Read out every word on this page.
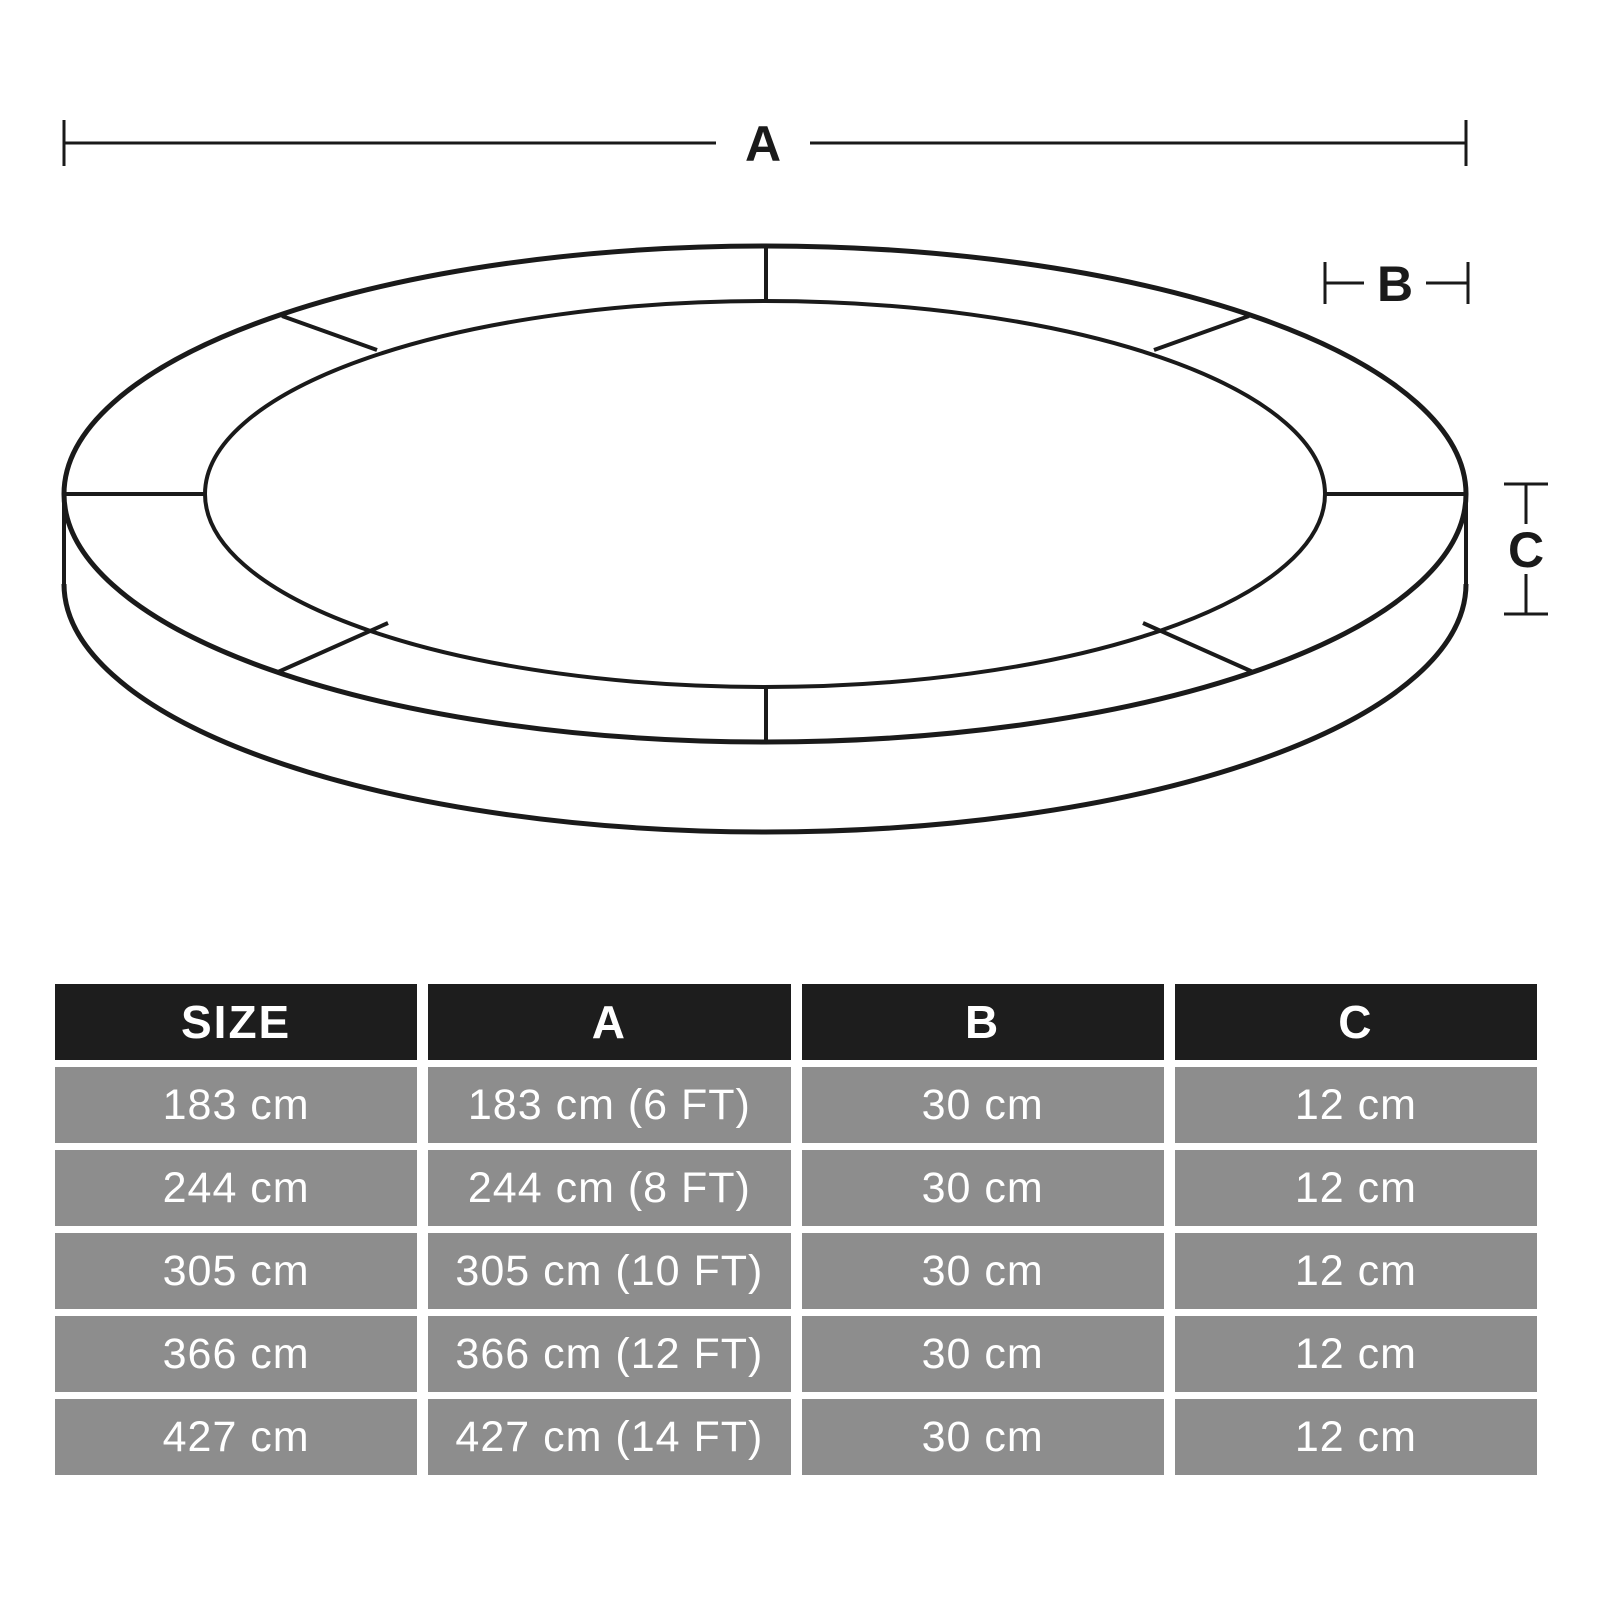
A
B
C
SIZE	A	B	C
183 cm	183 cm (6 FT)	30 cm	12 cm
244 cm	244 cm (8 FT)	30 cm	12 cm
305 cm	305 cm (10 FT)	30 cm	12 cm
366 cm	366 cm (12 FT)	30 cm	12 cm
427 cm	427 cm (14 FT)	30 cm	12 cm
